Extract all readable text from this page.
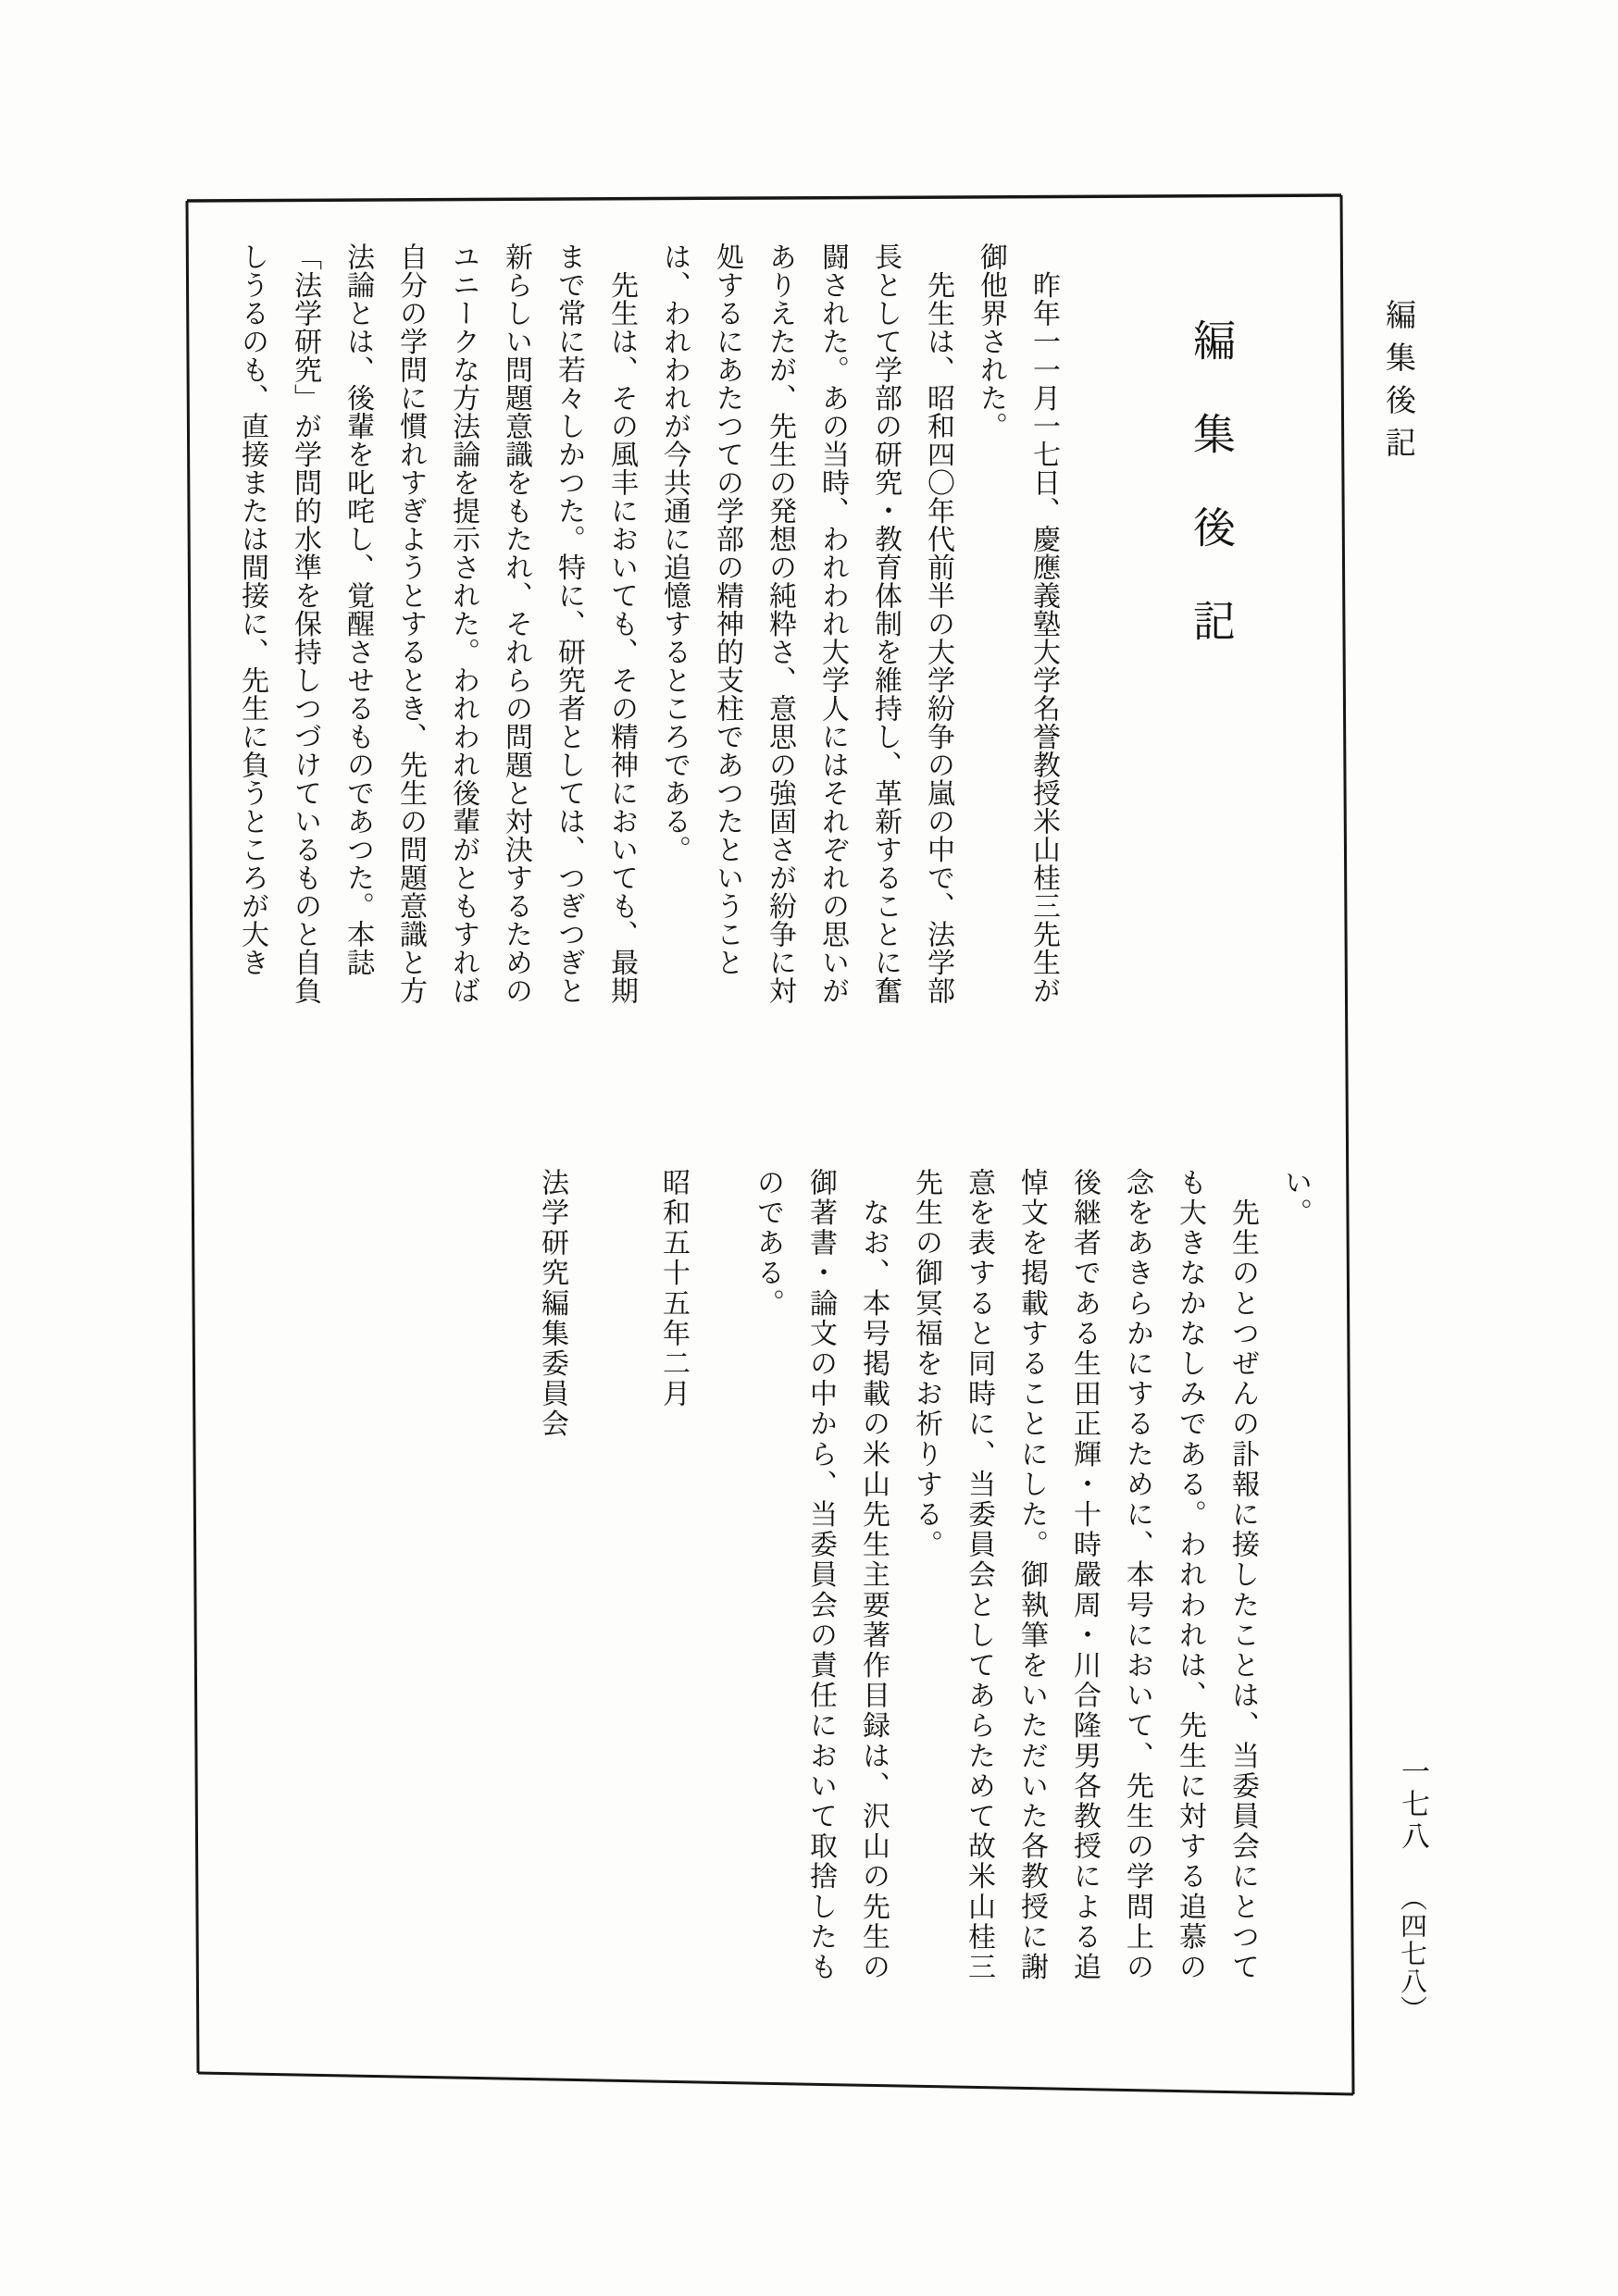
編集後記
編集後記

　昨年一一月一七日、慶應義塾大学名誉教授米山桂三先生が

御他界された。

　先生は、昭和四〇年代前半の大学紛争の嵐の中で、法学部

長として学部の研究・教育体制を維持し、革新することに奮

闘された。あの当時、われわれ大学人にはそれぞれの思いが

ありえたが、先生の発想の純粋さ、意思の強固さが紛争に対

処するにあたつての学部の精神的支柱であつたということ

は、われわれが今共通に追憶するところである。

　先生は、その風丰においても、その精神においても、最期

まで常に若々しかつた。特に、研究者としては、つぎつぎと

新らしい問題意識をもたれ、それらの問題と対決するための

ユニークな方法論を提示された。われわれ後輩がともすれば

自分の学問に慣れすぎようとするとき、先生の問題意識と方

法論とは、後輩を叱咤し、覚醒させるものであつた。本誌

「法学研究」が学問的水準を保持しつづけているものと自負

しうるのも、直接または間接に、先生に負うところが大き

い。

　先生のとつぜんの訃報に接したことは、当委員会にとつて

も大きなかなしみである。われわれは、先生に対する追慕の

念をあきらかにするために、本号において、先生の学問上の

後継者である生田正輝・十時嚴周・川合隆男各教授による追

悼文を掲載することにした。御執筆をいただいた各教授に謝

意を表すると同時に、当委員会としてあらためて故米山桂三

先生の御冥福をお祈りする。

　なお、本号掲載の米山先生主要著作目録は、沢山の先生の

御著書・論文の中から、当委員会の責任において取捨したも

のである。

昭和五十五年二月

法学研究編集委員会

一七八
（四七八）
